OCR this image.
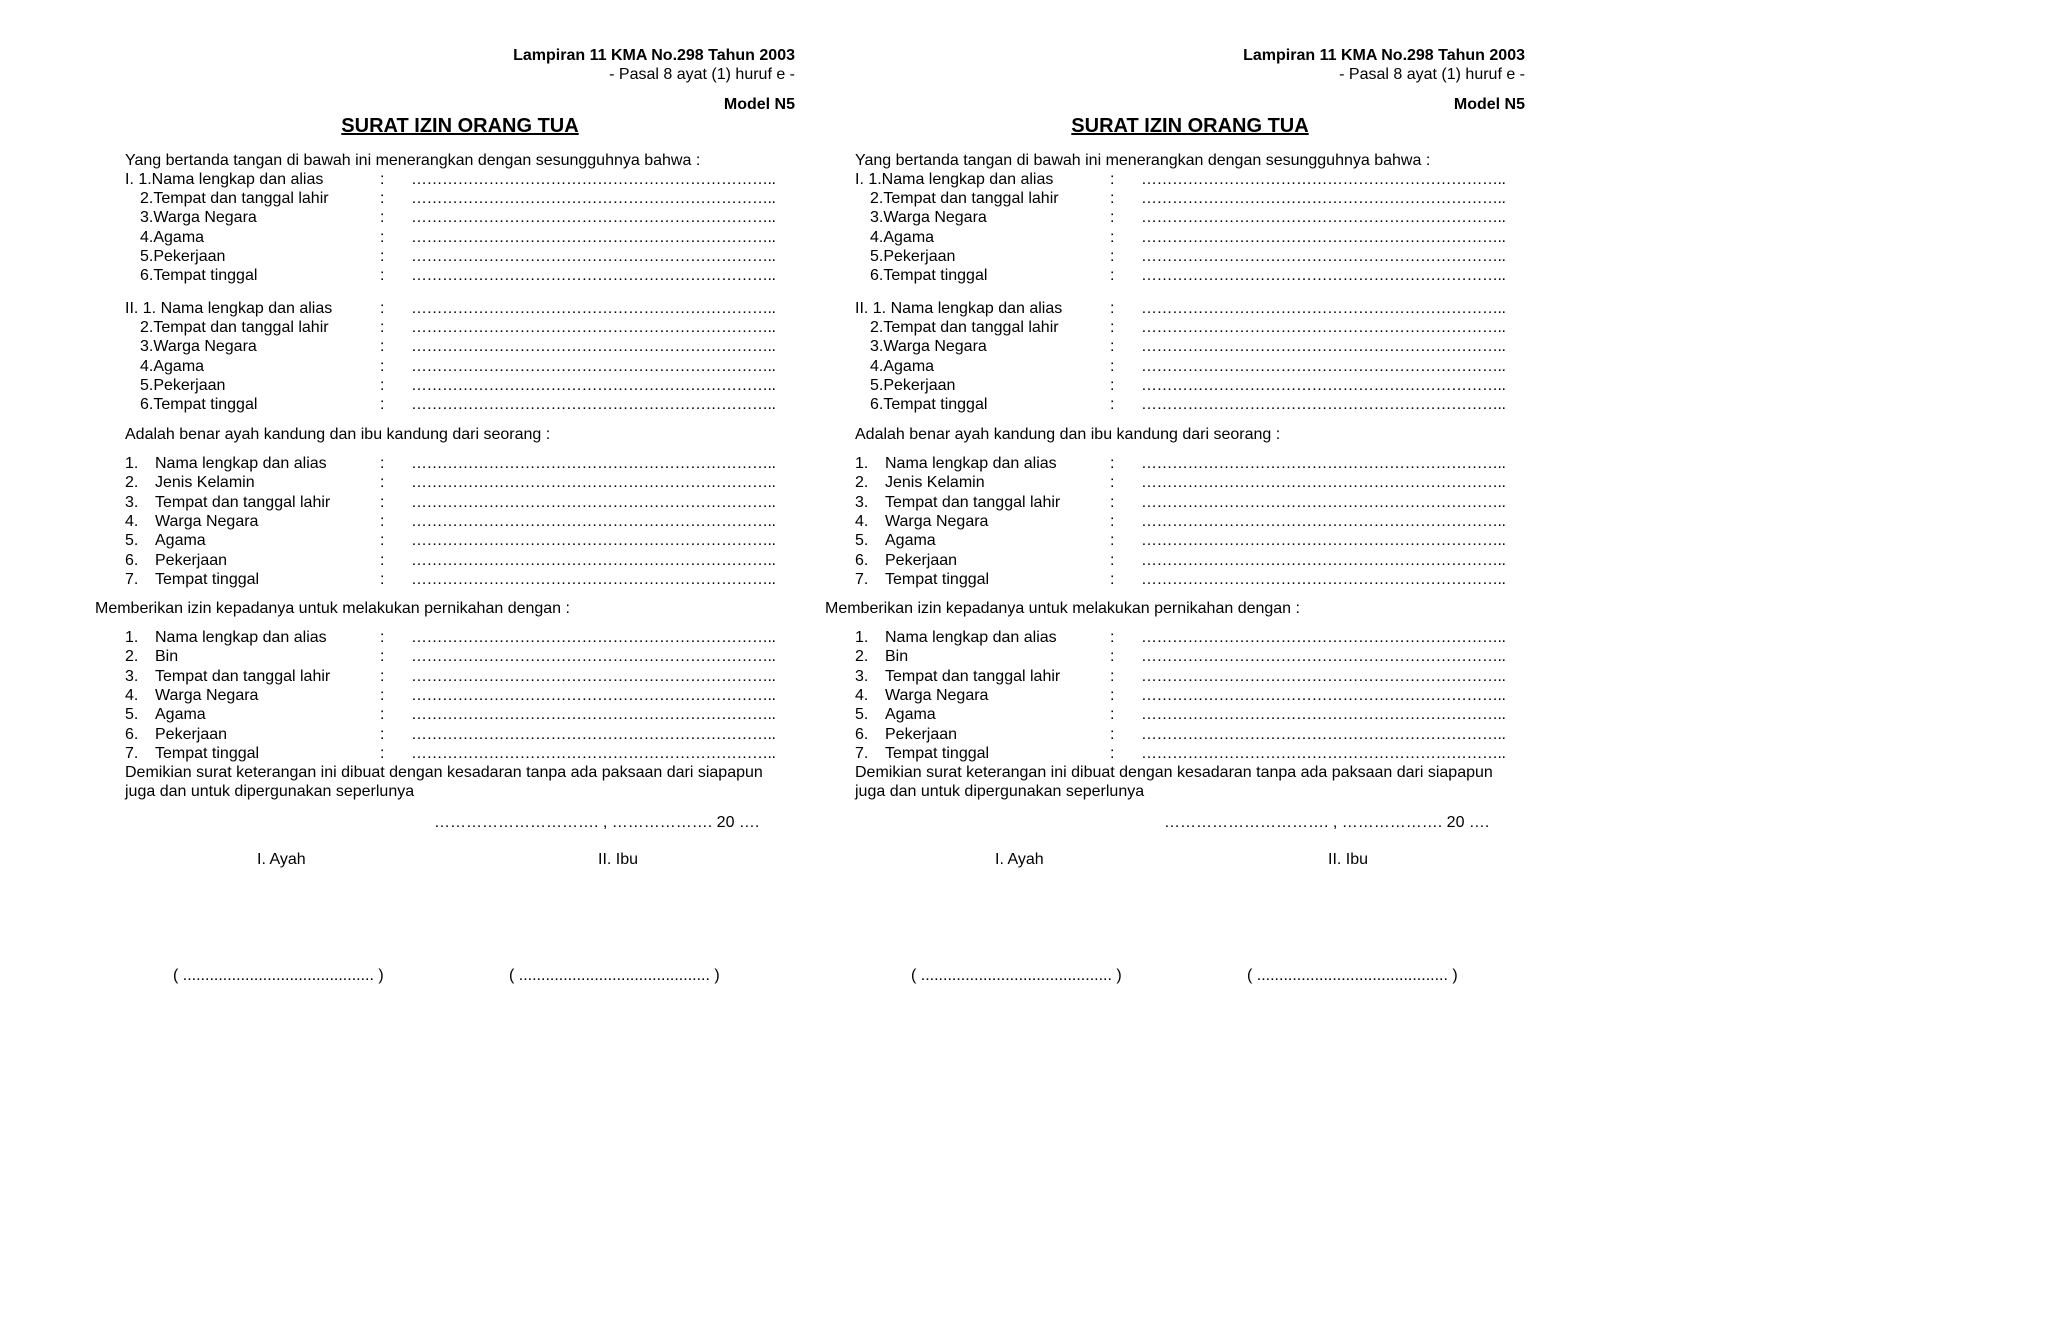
Lampiran 11 KMA No.298 Tahun 2003
- Pasal 8 ayat (1) huruf e -
Model N5
SURAT IZIN ORANG TUA
Yang bertanda tangan di bawah ini menerangkan dengan sesungguhnya bahwa :
I. 1.Nama lengkap dan alias	: ……………………………………………………………..
2.Tempat dan tanggal lahir	: ……………………………………………………………..
3.Warga Negara	: ……………………………………………………………..
4.Agama	: ……………………………………………………………..
5.Pekerjaan	: ……………………………………………………………..
6.Tempat tinggal	: ……………………………………………………………..
II. 1. Nama lengkap dan alias	: ……………………………………………………………..
2.Tempat dan tanggal lahir	: ……………………………………………………………..
3.Warga Negara	: ……………………………………………………………..
4.Agama	: ……………………………………………………………..
5.Pekerjaan	: ……………………………………………………………..
6.Tempat tinggal	: ……………………………………………………………..
Adalah benar ayah kandung dan ibu kandung dari seorang :
1. Nama lengkap dan alias	: ……………………………………………………………..
2. Jenis Kelamin	: ……………………………………………………………..
3. Tempat dan tanggal lahir	: ……………………………………………………………..
4. Warga Negara	: ……………………………………………………………..
5. Agama	: ……………………………………………………………..
6. Pekerjaan	: ……………………………………………………………..
7. Tempat tinggal	: ……………………………………………………………..
Memberikan izin kepadanya untuk melakukan pernikahan dengan :
1. Nama lengkap dan alias	: ……………………………………………………………..
2. Bin	: ……………………………………………………………..
3. Tempat dan tanggal lahir	: ……………………………………………………………..
4. Warga Negara	: ……………………………………………………………..
5. Agama	: ……………………………………………………………..
6. Pekerjaan	: ……………………………………………………………..
7. Tempat tinggal	: ……………………………………………………………..
Demikian surat keterangan ini dibuat dengan kesadaran tanpa ada paksaan dari siapapun
juga dan untuk dipergunakan seperlunya
…………………………. , ………………. 20 ….
I. Ayah	II. Ibu
( ........................................... )	( ........................................... )
Lampiran 11 KMA No.298 Tahun 2003
- Pasal 8 ayat (1) huruf e -
Model N5
SURAT IZIN ORANG TUA
Yang bertanda tangan di bawah ini menerangkan dengan sesungguhnya bahwa :
I. 1.Nama lengkap dan alias	: ……………………………………………………………..
2.Tempat dan tanggal lahir	: ……………………………………………………………..
3.Warga Negara	: ……………………………………………………………..
4.Agama	: ……………………………………………………………..
5.Pekerjaan	: ……………………………………………………………..
6.Tempat tinggal	: ……………………………………………………………..
II. 1. Nama lengkap dan alias	: ……………………………………………………………..
2.Tempat dan tanggal lahir	: ……………………………………………………………..
3.Warga Negara	: ……………………………………………………………..
4.Agama	: ……………………………………………………………..
5.Pekerjaan	: ……………………………………………………………..
6.Tempat tinggal	: ……………………………………………………………..
Adalah benar ayah kandung dan ibu kandung dari seorang :
1. Nama lengkap dan alias	: ……………………………………………………………..
2. Jenis Kelamin	: ……………………………………………………………..
3. Tempat dan tanggal lahir	: ……………………………………………………………..
4. Warga Negara	: ……………………………………………………………..
5. Agama	: ……………………………………………………………..
6. Pekerjaan	: ……………………………………………………………..
7. Tempat tinggal	: ……………………………………………………………..
Memberikan izin kepadanya untuk melakukan pernikahan dengan :
1. Nama lengkap dan alias	: ……………………………………………………………..
2. Bin	: ……………………………………………………………..
3. Tempat dan tanggal lahir	: ……………………………………………………………..
4. Warga Negara	: ……………………………………………………………..
5. Agama	: ……………………………………………………………..
6. Pekerjaan	: ……………………………………………………………..
7. Tempat tinggal	: ……………………………………………………………..
Demikian surat keterangan ini dibuat dengan kesadaran tanpa ada paksaan dari siapapun
juga dan untuk dipergunakan seperlunya
…………………………. , ………………. 20 ….
I. Ayah	II. Ibu
( ........................................... )	( ........................................... )
